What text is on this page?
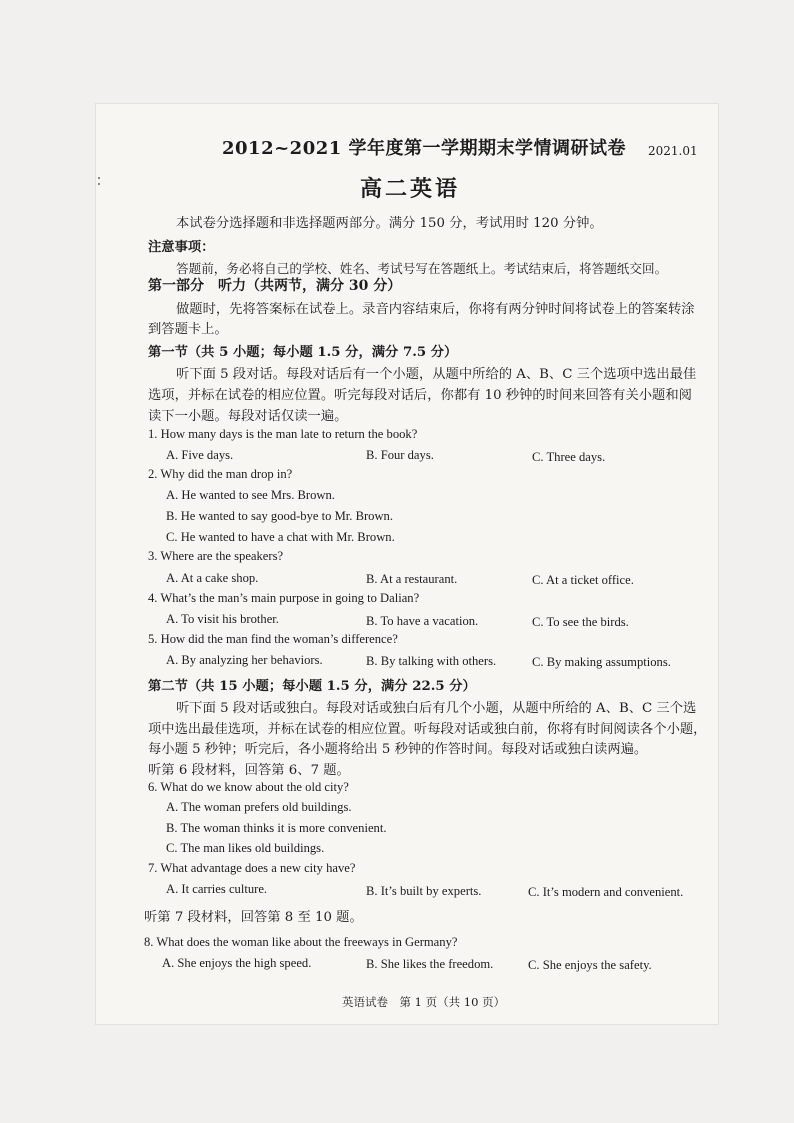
2012~2021 学年度第一学期期末学情调研试卷 2021.01
高二英语
本试卷分选择题和非选择题两部分。满分 150 分，考试用时 120 分钟。
注意事项：
答题前，务必将自己的学校、姓名、考试号写在答题纸上。考试结束后，将答题纸交回。
第一部分　听力（共两节，满分 30 分）
做题时，先将答案标在试卷上。录音内容结束后，你将有两分钟时间将试卷上的答案转涂
到答题卡上。
第一节（共 5 小题；每小题 1.5 分，满分 7.5 分）
听下面 5 段对话。每段对话后有一个小题，从题中所给的 A、B、C 三个选项中选出最佳
选项，并标在试卷的相应位置。听完每段对话后，你都有 10 秒钟的时间来回答有关小题和阅
读下一小题。每段对话仅读一遍。
1. How many days is the man late to return the book?
A. Five days.	B. Four days.	C. Three days.
2. Why did the man drop in?
A. He wanted to see Mrs. Brown.
B. He wanted to say good-bye to Mr. Brown.
C. He wanted to have a chat with Mr. Brown.
3. Where are the speakers?
A. At a cake shop.	B. At a restaurant.	C. At a ticket office.
4. What’s the man’s main purpose in going to Dalian?
A. To visit his brother.	B. To have a vacation.	C. To see the birds.
5. How did the man find the woman’s difference?
A. By analyzing her behaviors.	B. By talking with others.	C. By making assumptions.
第二节（共 15 小题；每小题 1.5 分，满分 22.5 分）
听下面 5 段对话或独白。每段对话或独白后有几个小题，从题中所给的 A、B、C 三个选
项中选出最佳选项，并标在试卷的相应位置。听每段对话或独白前，你将有时间阅读各个小题，
每小题 5 秒钟；听完后，各小题将给出 5 秒钟的作答时间。每段对话或独白读两遍。
听第 6 段材料，回答第 6、7 题。
6. What do we know about the old city?
A. The woman prefers old buildings.
B. The woman thinks it is more convenient.
C. The man likes old buildings.
7. What advantage does a new city have?
A. It carries culture.	B. It’s built by experts.	C. It’s modern and convenient.
听第 7 段材料，回答第 8 至 10 题。
8. What does the woman like about the freeways in Germany?
A. She enjoys the high speed.	B. She likes the freedom.	C. She enjoys the safety.
英语试卷　第 1 页（共 10 页）
